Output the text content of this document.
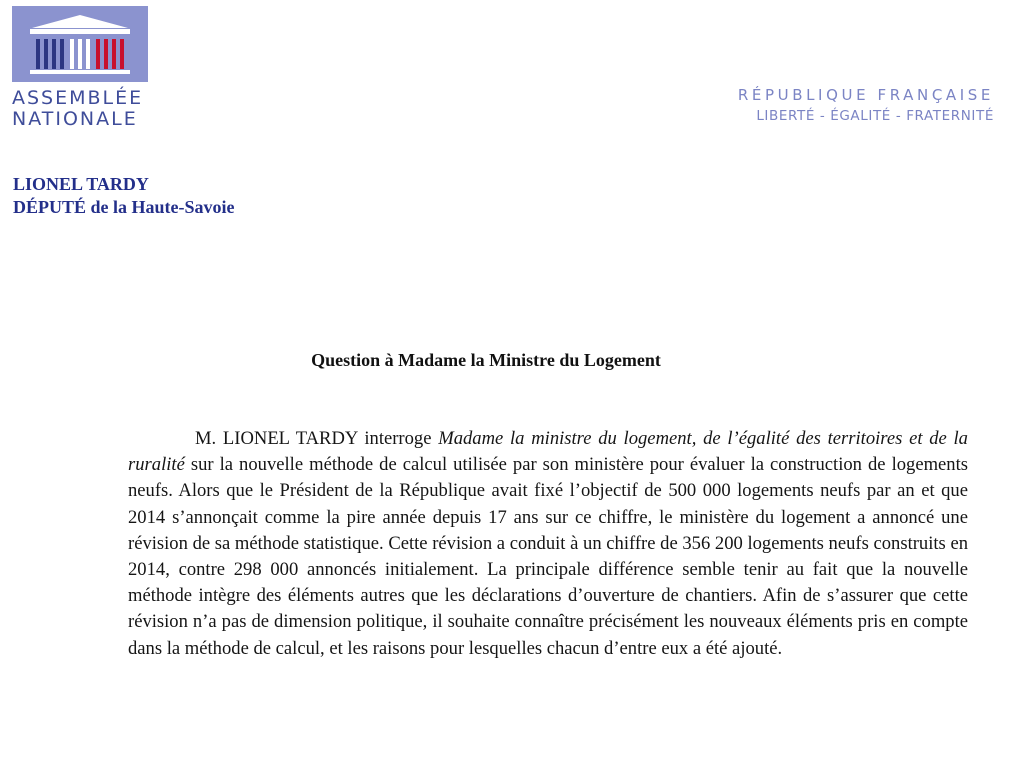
ASSEMBLÉE
NATIONALE
RÉPUBLIQUE FRANÇAISE
LIBERTÉ - ÉGALITÉ - FRATERNITÉ
LIONEL TARDY
DÉPUTÉ de la Haute-Savoie
Question à Madame la Ministre du Logement

M. LIONEL TARDY interroge Madame la ministre du logement, de l’égalité des territoires et de la ruralité sur la nouvelle méthode de calcul utilisée par son ministère pour évaluer la construction de logements neufs. Alors que le Président de la République avait fixé l’objectif de 500 000 logements neufs par an et que 2014 s’annonçait comme la pire année depuis 17 ans sur ce chiffre, le ministère du logement a annoncé une révision de sa méthode statistique. Cette révision a conduit à un chiffre de 356 200 logements neufs construits en 2014, contre 298 000 annoncés initialement. La principale différence semble tenir au fait que la nouvelle méthode intègre des éléments autres que les déclarations d’ouverture de chantiers. Afin de s’assurer que cette révision n’a pas de dimension politique, il souhaite connaître précisément les nouveaux éléments pris en compte dans la méthode de calcul, et les raisons pour lesquelles chacun d’entre eux a été ajouté.
